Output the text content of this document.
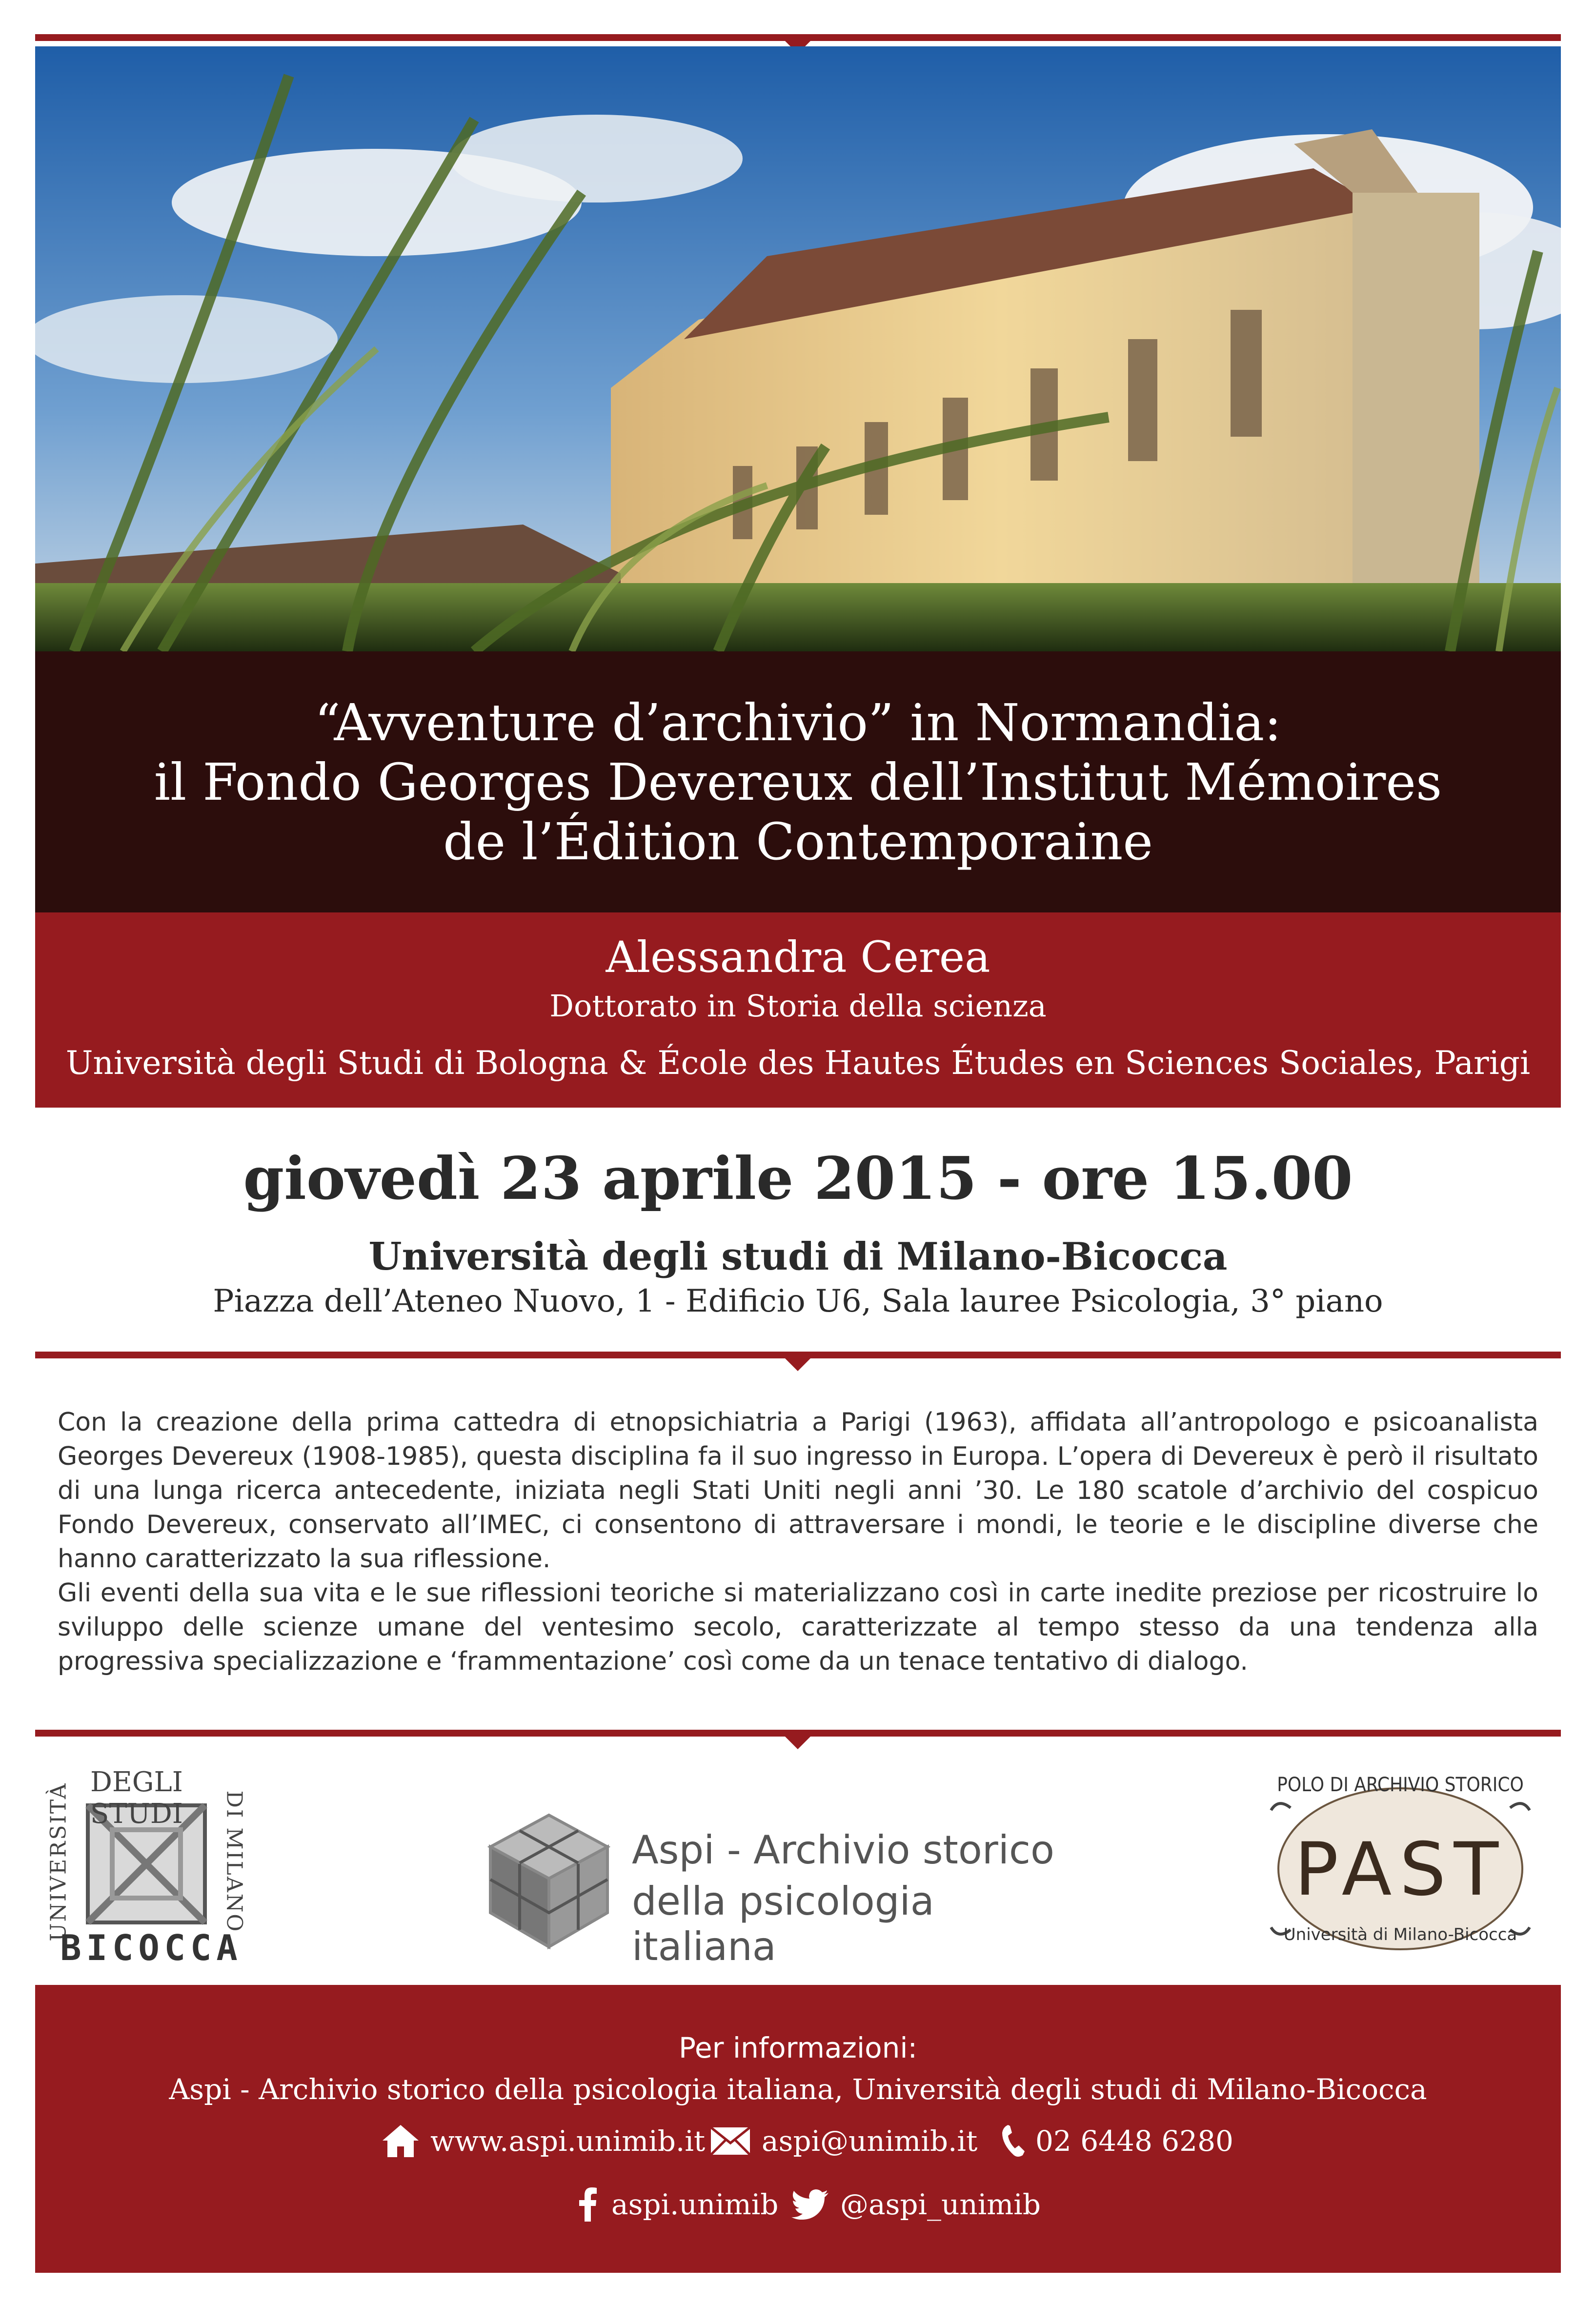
“Avventure d’archivio” in Normandia:
il Fondo Georges Devereux dell’Institut Mémoires
de l’Édition Contemporaine
Alessandra Cerea
Dottorato in Storia della scienza
Università degli Studi di Bologna & École des Hautes Études en Sciences Sociales, Parigi
giovedì 23 aprile 2015 - ore 15.00
Università degli studi di Milano-Bicocca
Piazza dell’Ateneo Nuovo, 1 - Edificio U6, Sala lauree Psicologia, 3° piano
Con la creazione della prima cattedra di etnopsichiatria a Parigi (1963), affidata all’antropologo e psicoanalista Georges Devereux (1908-1985), questa disciplina fa il suo ingresso in Europa. L’opera di Devereux è però il risultato di una lunga ricerca antecedente, iniziata negli Stati Uniti negli anni ’30. Le 180 scatole d’archivio del cospicuo Fondo Devereux, conservato all’IMEC, ci consentono di attraversare i mondi, le teorie e le discipline diverse che hanno caratterizzato la sua riflessione.
Gli eventi della sua vita e le sue riflessioni teoriche si materializzano così in carte inedite preziose per ricostruire lo sviluppo delle scienze umane del ventesimo secolo, caratterizzate al tempo stesso da una tendenza alla progressiva specializzazione e ‘frammentazione’ così come da un tenace tentativo di dialogo.
DEGLI STUDI
UNIVERSITÀ	DI MILANO
BICOCCA
Aspi - Archivio storico
della psicologia italiana
POLO DI ARCHIVIO STORICO
PAST
Università di Milano-Bicocca
Per informazioni:
Aspi - Archivio storico della psicologia italiana, Università degli studi di Milano-Bicocca
www.aspi.unimib.it aspi@unimib.it 02 6448 6280
aspi.unimib @aspi_unimib
